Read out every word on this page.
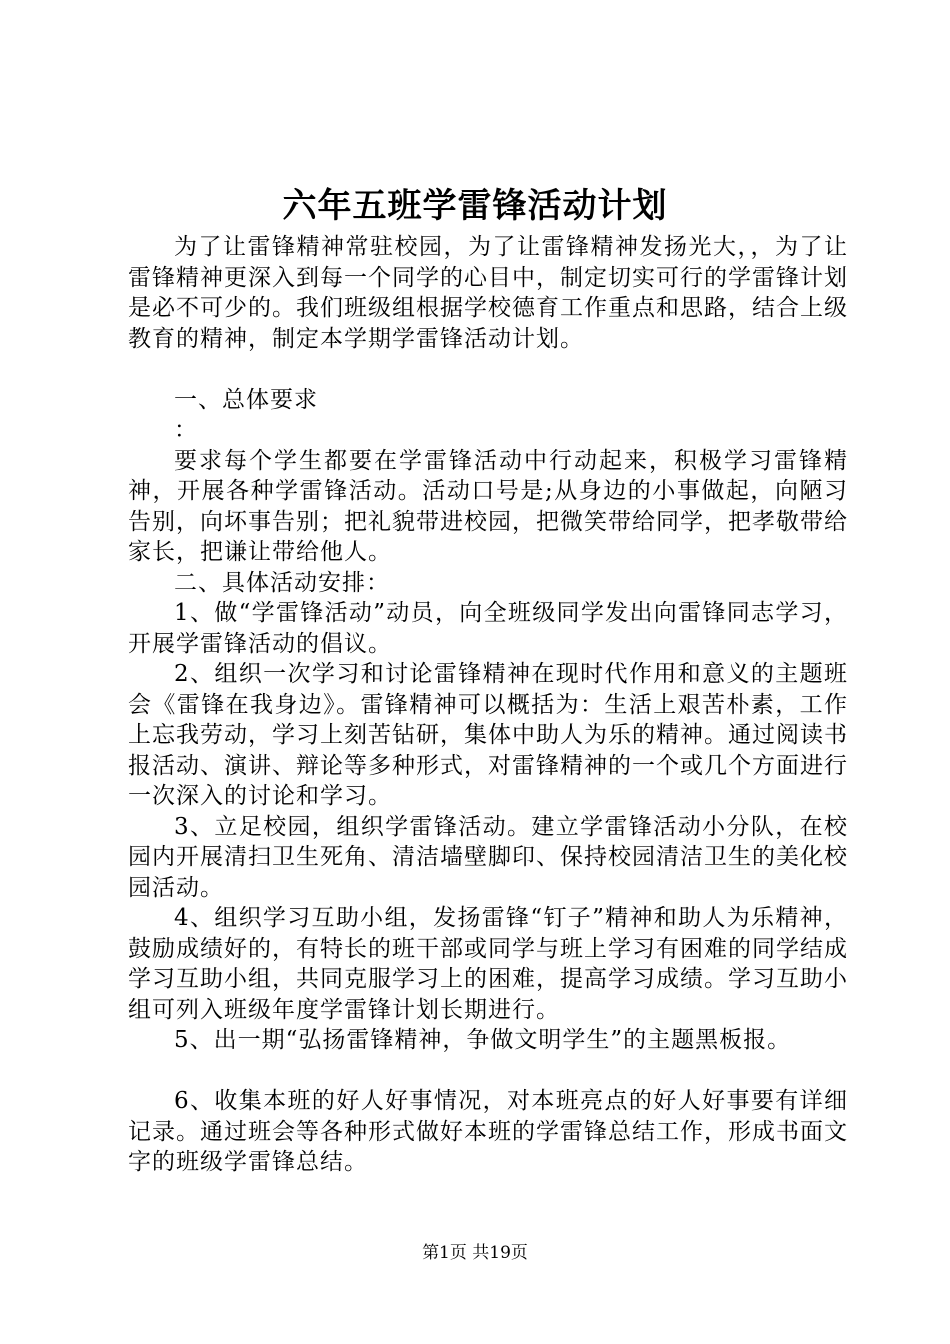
六年五班学雷锋活动计划

为了让雷锋精神常驻校园，为了让雷锋精神发扬光大，，为了让雷锋精神更深入到每一个同学的心目中，制定切实可行的学雷锋计划是必不可少的。我们班级组根据学校德育工作重点和思路，结合上级教育的精神，制定本学期学雷锋活动计划。

一、总体要求

：

要求每个学生都要在学雷锋活动中行动起来，积极学习雷锋精神，开展各种学雷锋活动。活动口号是;从身边的小事做起，向陋习告别，向坏事告别；把礼貌带进校园，把微笑带给同学，把孝敬带给家长，把谦让带给他人。

二、具体活动安排：

1、做“学雷锋活动”动员，向全班级同学发出向雷锋同志学习，开展学雷锋活动的倡议。

2、组织一次学习和讨论雷锋精神在现时代作用和意义的主题班会《雷锋在我身边》。雷锋精神可以概括为：生活上艰苦朴素，工作上忘我劳动，学习上刻苦钻研，集体中助人为乐的精神。通过阅读书报活动、演讲、辩论等多种形式，对雷锋精神的一个或几个方面进行一次深入的讨论和学习。

3、立足校园，组织学雷锋活动。建立学雷锋活动小分队，在校园内开展清扫卫生死角、清洁墙壁脚印、保持校园清洁卫生的美化校园活动。

4、组织学习互助小组，发扬雷锋“钉子”精神和助人为乐精神，鼓励成绩好的，有特长的班干部或同学与班上学习有困难的同学结成学习互助小组，共同克服学习上的困难，提高学习成绩。学习互助小组可列入班级年度学雷锋计划长期进行。

5、出一期“弘扬雷锋精神，争做文明学生”的主题黑板报。

6、收集本班的好人好事情况，对本班亮点的好人好事要有详细记录。通过班会等各种形式做好本班的学雷锋总结工作，形成书面文字的班级学雷锋总结。

第1页 共19页
